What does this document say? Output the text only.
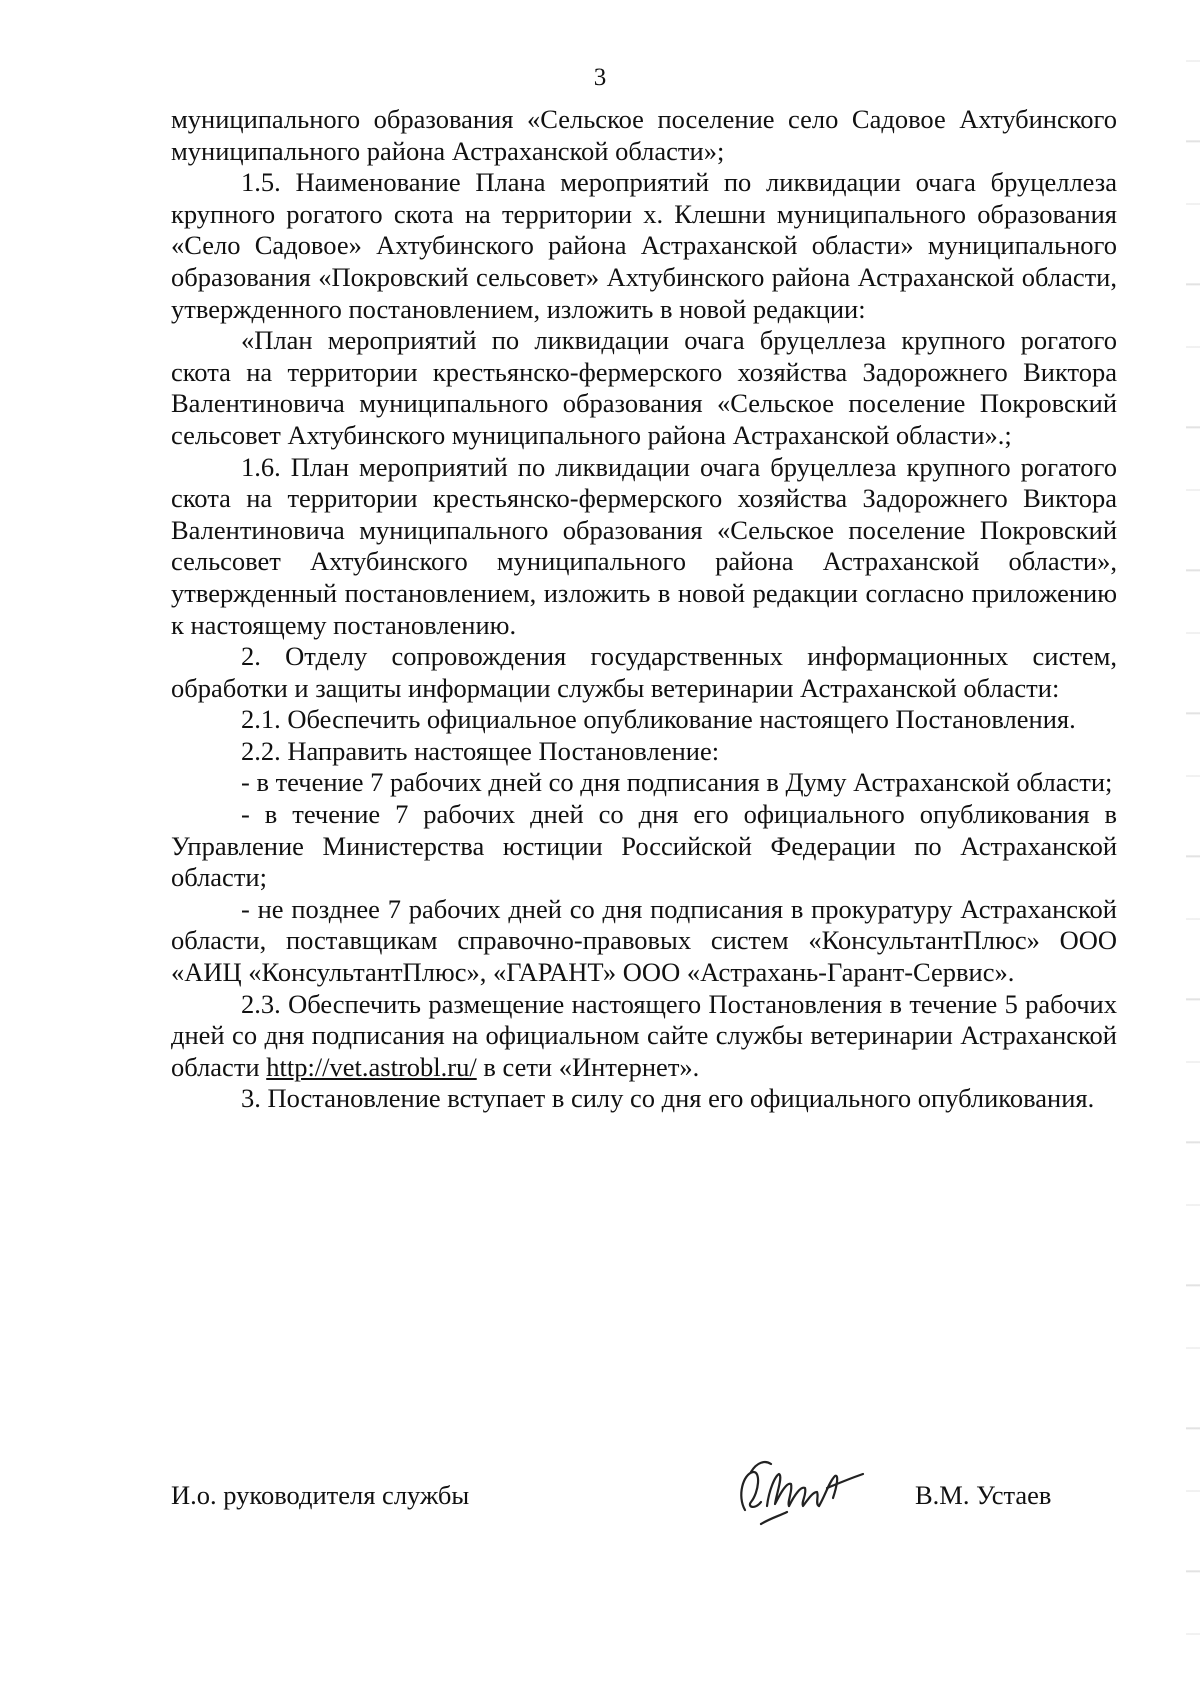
3

муниципального образования «Сельское поселение село Садовое Ахтубинского муниципального района Астраханской области»;

1.5. Наименование Плана мероприятий по ликвидации очага бруцеллеза крупного рогатого скота на территории х. Клешни муниципального образования «Село Садовое» Ахтубинского района Астраханской области» муниципального образования «Покровский сельсовет» Ахтубинского района Астраханской области, утвержденного постановлением, изложить в новой редакции:

«План мероприятий по ликвидации очага бруцеллеза крупного рогатого скота на территории крестьянско-фермерского хозяйства Задорожнего Виктора Валентиновича муниципального образования «Сельское поселение Покровский сельсовет Ахтубинского муниципального района Астраханской области».;

1.6. План мероприятий по ликвидации очага бруцеллеза крупного рогатого скота на территории крестьянско-фермерского хозяйства Задорожнего Виктора Валентиновича муниципального образования «Сельское поселение Покровский сельсовет Ахтубинского муниципального района Астраханской области», утвержденный постановлением, изложить в новой редакции согласно приложению к настоящему постановлению.

2. Отделу сопровождения государственных информационных систем, обработки и защиты информации службы ветеринарии Астраханской области:

2.1. Обеспечить официальное опубликование настоящего Постановления.

2.2. Направить настоящее Постановление:

- в течение 7 рабочих дней со дня подписания в Думу Астраханской области;

- в течение 7 рабочих дней со дня его официального опубликования в Управление Министерства юстиции Российской Федерации по Астраханской области;

- не позднее 7 рабочих дней со дня подписания в прокуратуру Астраханской области, поставщикам справочно-правовых систем «КонсультантПлюс» ООО «АИЦ «КонсультантПлюс», «ГАРАНТ» ООО «Астрахань-Гарант-Сервис».

2.3. Обеспечить размещение настоящего Постановления в течение 5 рабочих дней со дня подписания на официальном сайте службы ветеринарии Астраханской области http://vet.astrobl.ru/ в сети «Интернет».

3. Постановление вступает в силу со дня его официального опубликования.

И.о. руководителя службы	В.М. Устаев
